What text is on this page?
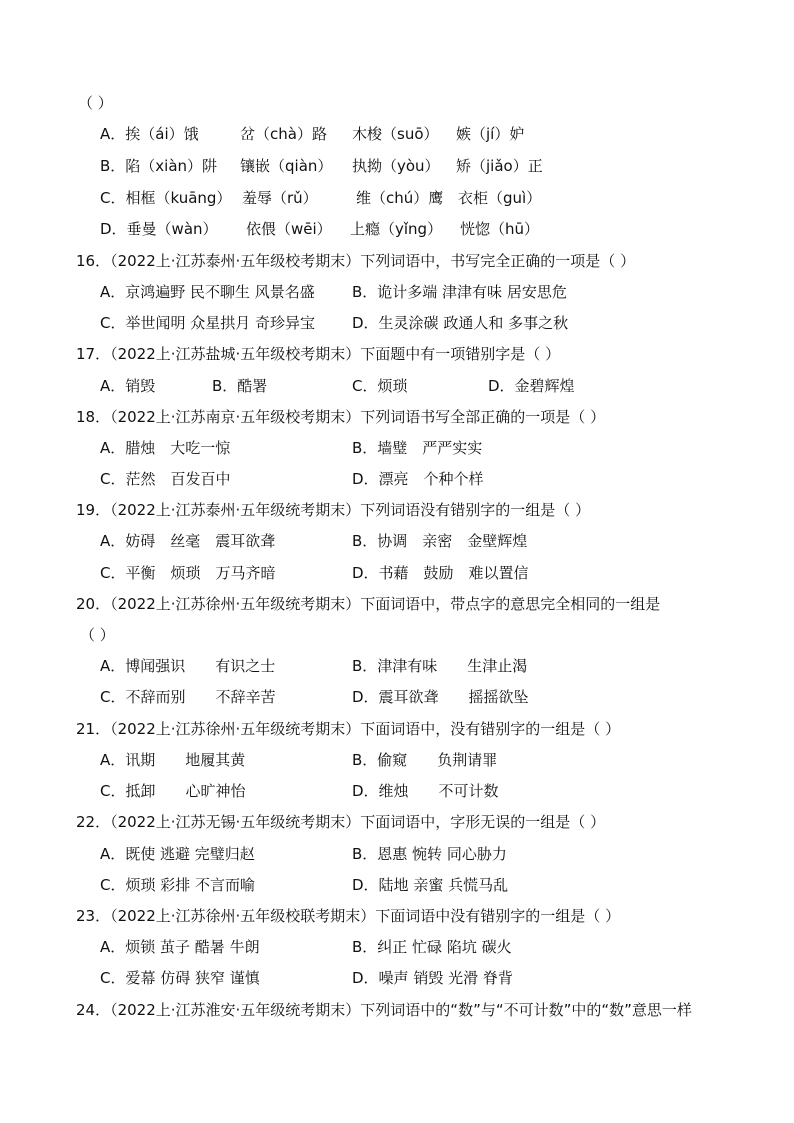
（ ）
A．挨（ái）饿	岔（chà）路 木梭（suō） 嫉（jí）妒
B．陷（xiàn）阱 镶嵌（qiàn） 执拗（yòu） 矫（jiǎo）正
C．相框（kuāng） 羞辱（rǔ）	维（chú）鹰 衣柜（guì）
D．垂曼（wàn） 依偎（wēi） 上瘾（yǐng） 恍惚（hū）
16．（2022上·江苏泰州·五年级校考期末）下列词语中，书写完全正确的一项是（ ）
A．京鸿遍野 民不聊生 风景名盛 B．诡计多端 津津有味 居安思危
C．举世闻明 众星拱月 奇珍异宝 D．生灵涂碳 政通人和 多事之秋
17．（2022上·江苏盐城·五年级校考期末）下面题中有一项错别字是（ ）
A．销毁	B．酷署	C．烦琐	D．金碧辉煌
18．（2022上·江苏南京·五年级校考期末）下列词语书写全部正确的一项是（ ）
A．腊烛　大吃一惊	B．墙璧　严严实实
C．茫然　百发百中	D．漂亮　个种个样
19．（2022上·江苏泰州·五年级统考期末）下列词语没有错别字的一组是（ ）
A．妨碍　丝毫　震耳欲聋	B．协调　亲密　金壁辉煌
C．平衡　烦琐　万马齐暗	D．书藉　鼓励　难以置信
20．（2022上·江苏徐州·五年级统考期末）下面词语中，带点字的意思完全相同的一组是
（ ）
A．博闻强识　　有识之士	B．津津有味　　生津止渴
C．不辞而别　　不辞辛苦	D．震耳欲聋　　摇摇欲坠
21．（2022上·江苏徐州·五年级统考期末）下面词语中，没有错别字的一组是（ ）
A．讯期　　地履其黄	B．偷窥　　负荆请罪
C．抵卸　　心旷神怡	D．维烛　　不可计数
22．（2022上·江苏无锡·五年级统考期末）下面词语中，字形无误的一组是（ ）
A．既使 逃避 完璧归赵	B．恩惠 惋转 同心胁力
C．烦琐 彩排 不言而喻	D．陆地 亲蜜 兵慌马乱
23．（2022上·江苏徐州·五年级校联考期末）下面词语中没有错别字的一组是（ ）
A．烦锁 茧子 酷暑 牛朗	B．纠正 忙碌 陷坑 碳火
C．爱幕 仿碍 狭窄 谨慎	D．噪声 销毁 光滑 脊背
24．（2022上·江苏淮安·五年级统考期末）下列词语中的“数”与“不可计数”中的“数”意思一样
